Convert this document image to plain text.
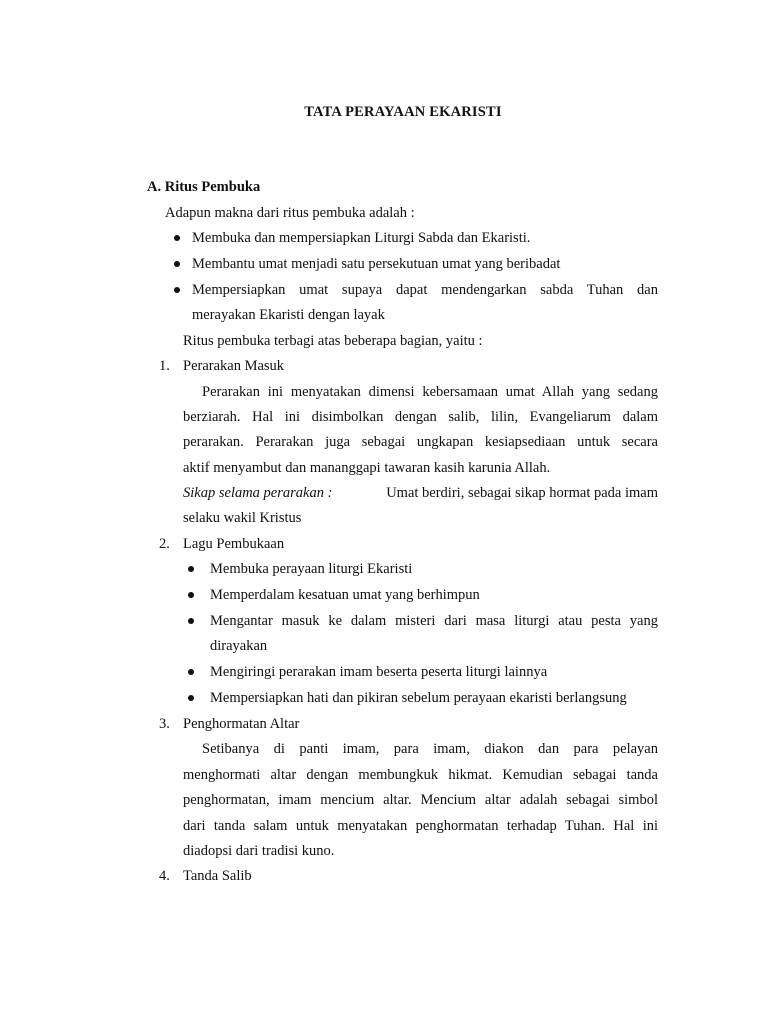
TATA PERAYAAN EKARISTI
A. Ritus Pembuka
Adapun makna dari ritus pembuka adalah :
Membuka dan mempersiapkan Liturgi Sabda dan Ekaristi.
Membantu umat menjadi satu persekutuan umat yang beribadat
Mempersiapkan umat supaya dapat mendengarkan sabda Tuhan dan
merayakan Ekaristi dengan layak
Ritus pembuka terbagi atas beberapa bagian, yaitu :
1. Perarakan Masuk
Perarakan ini menyatakan dimensi kebersamaan umat Allah yang sedang
berziarah. Hal ini disimbolkan dengan salib, lilin, Evangeliarum dalam
perarakan. Perarakan juga sebagai ungkapan kesiapsediaan untuk secara
aktif menyambut dan mananggapi tawaran kasih karunia Allah.
Sikap selama perarakan :	Umat berdiri, sebagai sikap hormat pada imam
selaku wakil Kristus
2. Lagu Pembukaan
Membuka perayaan liturgi Ekaristi
Memperdalam kesatuan umat yang berhimpun
Mengantar masuk ke dalam misteri dari masa liturgi atau pesta yang
dirayakan
Mengiringi perarakan imam beserta peserta liturgi lainnya
Mempersiapkan hati dan pikiran sebelum perayaan ekaristi berlangsung
3. Penghormatan Altar
Setibanya di panti imam, para imam, diakon dan para pelayan
menghormati altar dengan membungkuk hikmat. Kemudian sebagai tanda
penghormatan, imam mencium altar. Mencium altar adalah sebagai simbol
dari tanda salam untuk menyatakan penghormatan terhadap Tuhan. Hal ini
diadopsi dari tradisi kuno.
4. Tanda Salib
